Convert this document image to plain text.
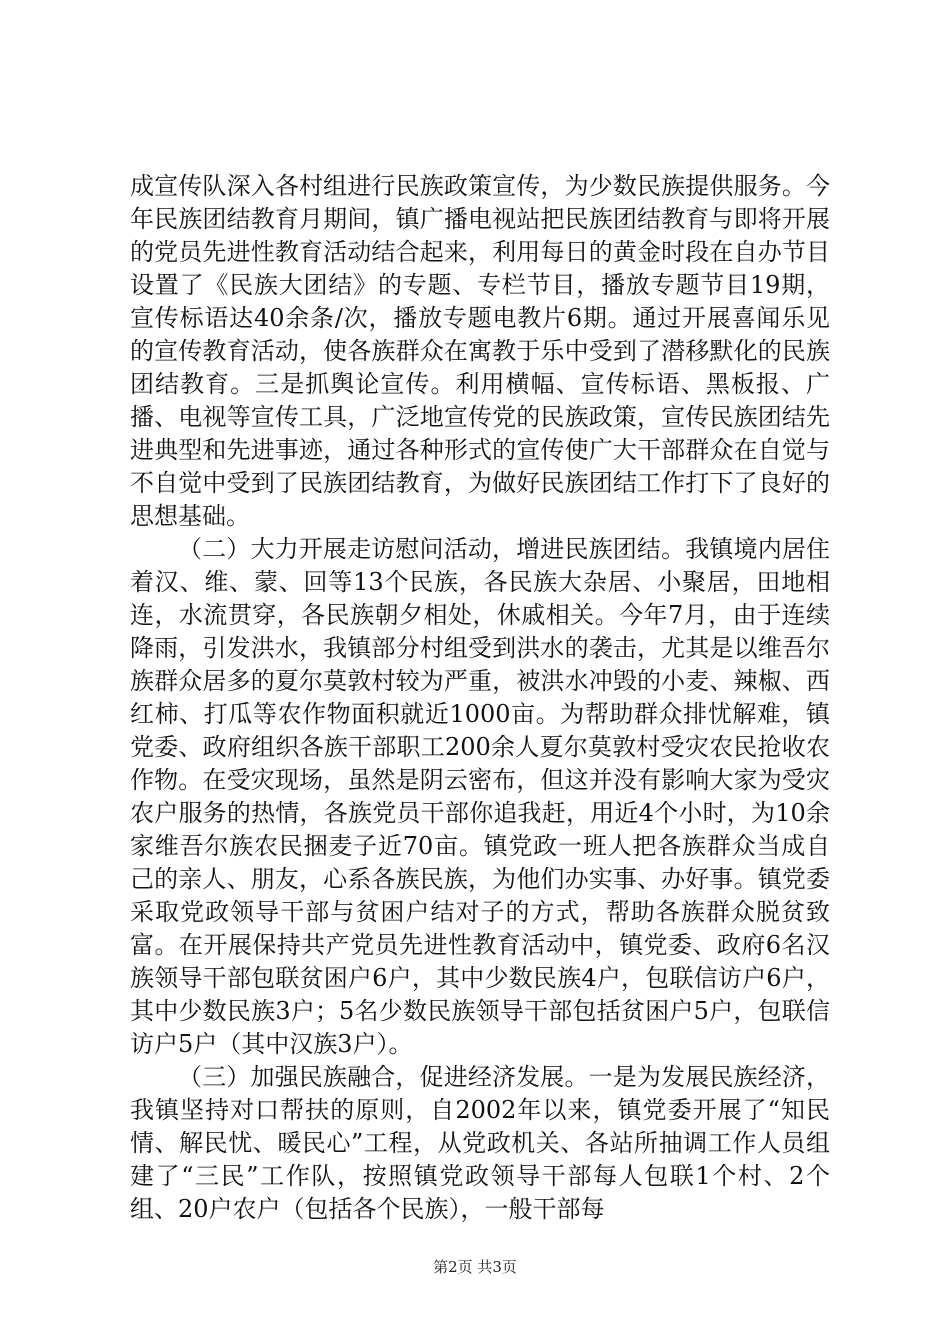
成宣传队深入各村组进行民族政策宣传，为少数民族提供服务。今年民族团结教育月期间，镇广播电视站把民族团结教育与即将开展的党员先进性教育活动结合起来，利用每日的黄金时段在自办节目设置了《民族大团结》的专题、专栏节目，播放专题节目19期，宣传标语达40余条/次，播放专题电教片6期。通过开展喜闻乐见的宣传教育活动，使各族群众在寓教于乐中受到了潜移默化的民族团结教育。三是抓舆论宣传。利用横幅、宣传标语、黑板报、广播、电视等宣传工具，广泛地宣传党的民族政策，宣传民族团结先进典型和先进事迹，通过各种形式的宣传使广大干部群众在自觉与不自觉中受到了民族团结教育，为做好民族团结工作打下了良好的思想基础。

（二）大力开展走访慰问活动，增进民族团结。我镇境内居住着汉、维、蒙、回等13个民族，各民族大杂居、小聚居，田地相连，水流贯穿，各民族朝夕相处，休戚相关。今年7月，由于连续降雨，引发洪水，我镇部分村组受到洪水的袭击，尤其是以维吾尔族群众居多的夏尔莫敦村较为严重，被洪水冲毁的小麦、辣椒、西红柿、打瓜等农作物面积就近1000亩。为帮助群众排忧解难，镇党委、政府组织各族干部职工200余人夏尔莫敦村受灾农民抢收农作物。在受灾现场，虽然是阴云密布，但这并没有影响大家为受灾农户服务的热情，各族党员干部你追我赶，用近4个小时，为10余家维吾尔族农民捆麦子近70亩。镇党政一班人把各族群众当成自己的亲人、朋友，心系各族民族，为他们办实事、办好事。镇党委采取党政领导干部与贫困户结对子的方式，帮助各族群众脱贫致富。在开展保持共产党员先进性教育活动中，镇党委、政府6名汉族领导干部包联贫困户6户，其中少数民族4户，包联信访户6户，其中少数民族3户；5名少数民族领导干部包括贫困户5户，包联信访户5户（其中汉族3户）。

（三）加强民族融合，促进经济发展。一是为发展民族经济，我镇坚持对口帮扶的原则，自2002年以来，镇党委开展了“知民情、解民忧、暖民心”工程，从党政机关、各站所抽调工作人员组建了“三民”工作队，按照镇党政领导干部每人包联1个村、2个组、20户农户（包括各个民族），一般干部每

第2页 共3页
